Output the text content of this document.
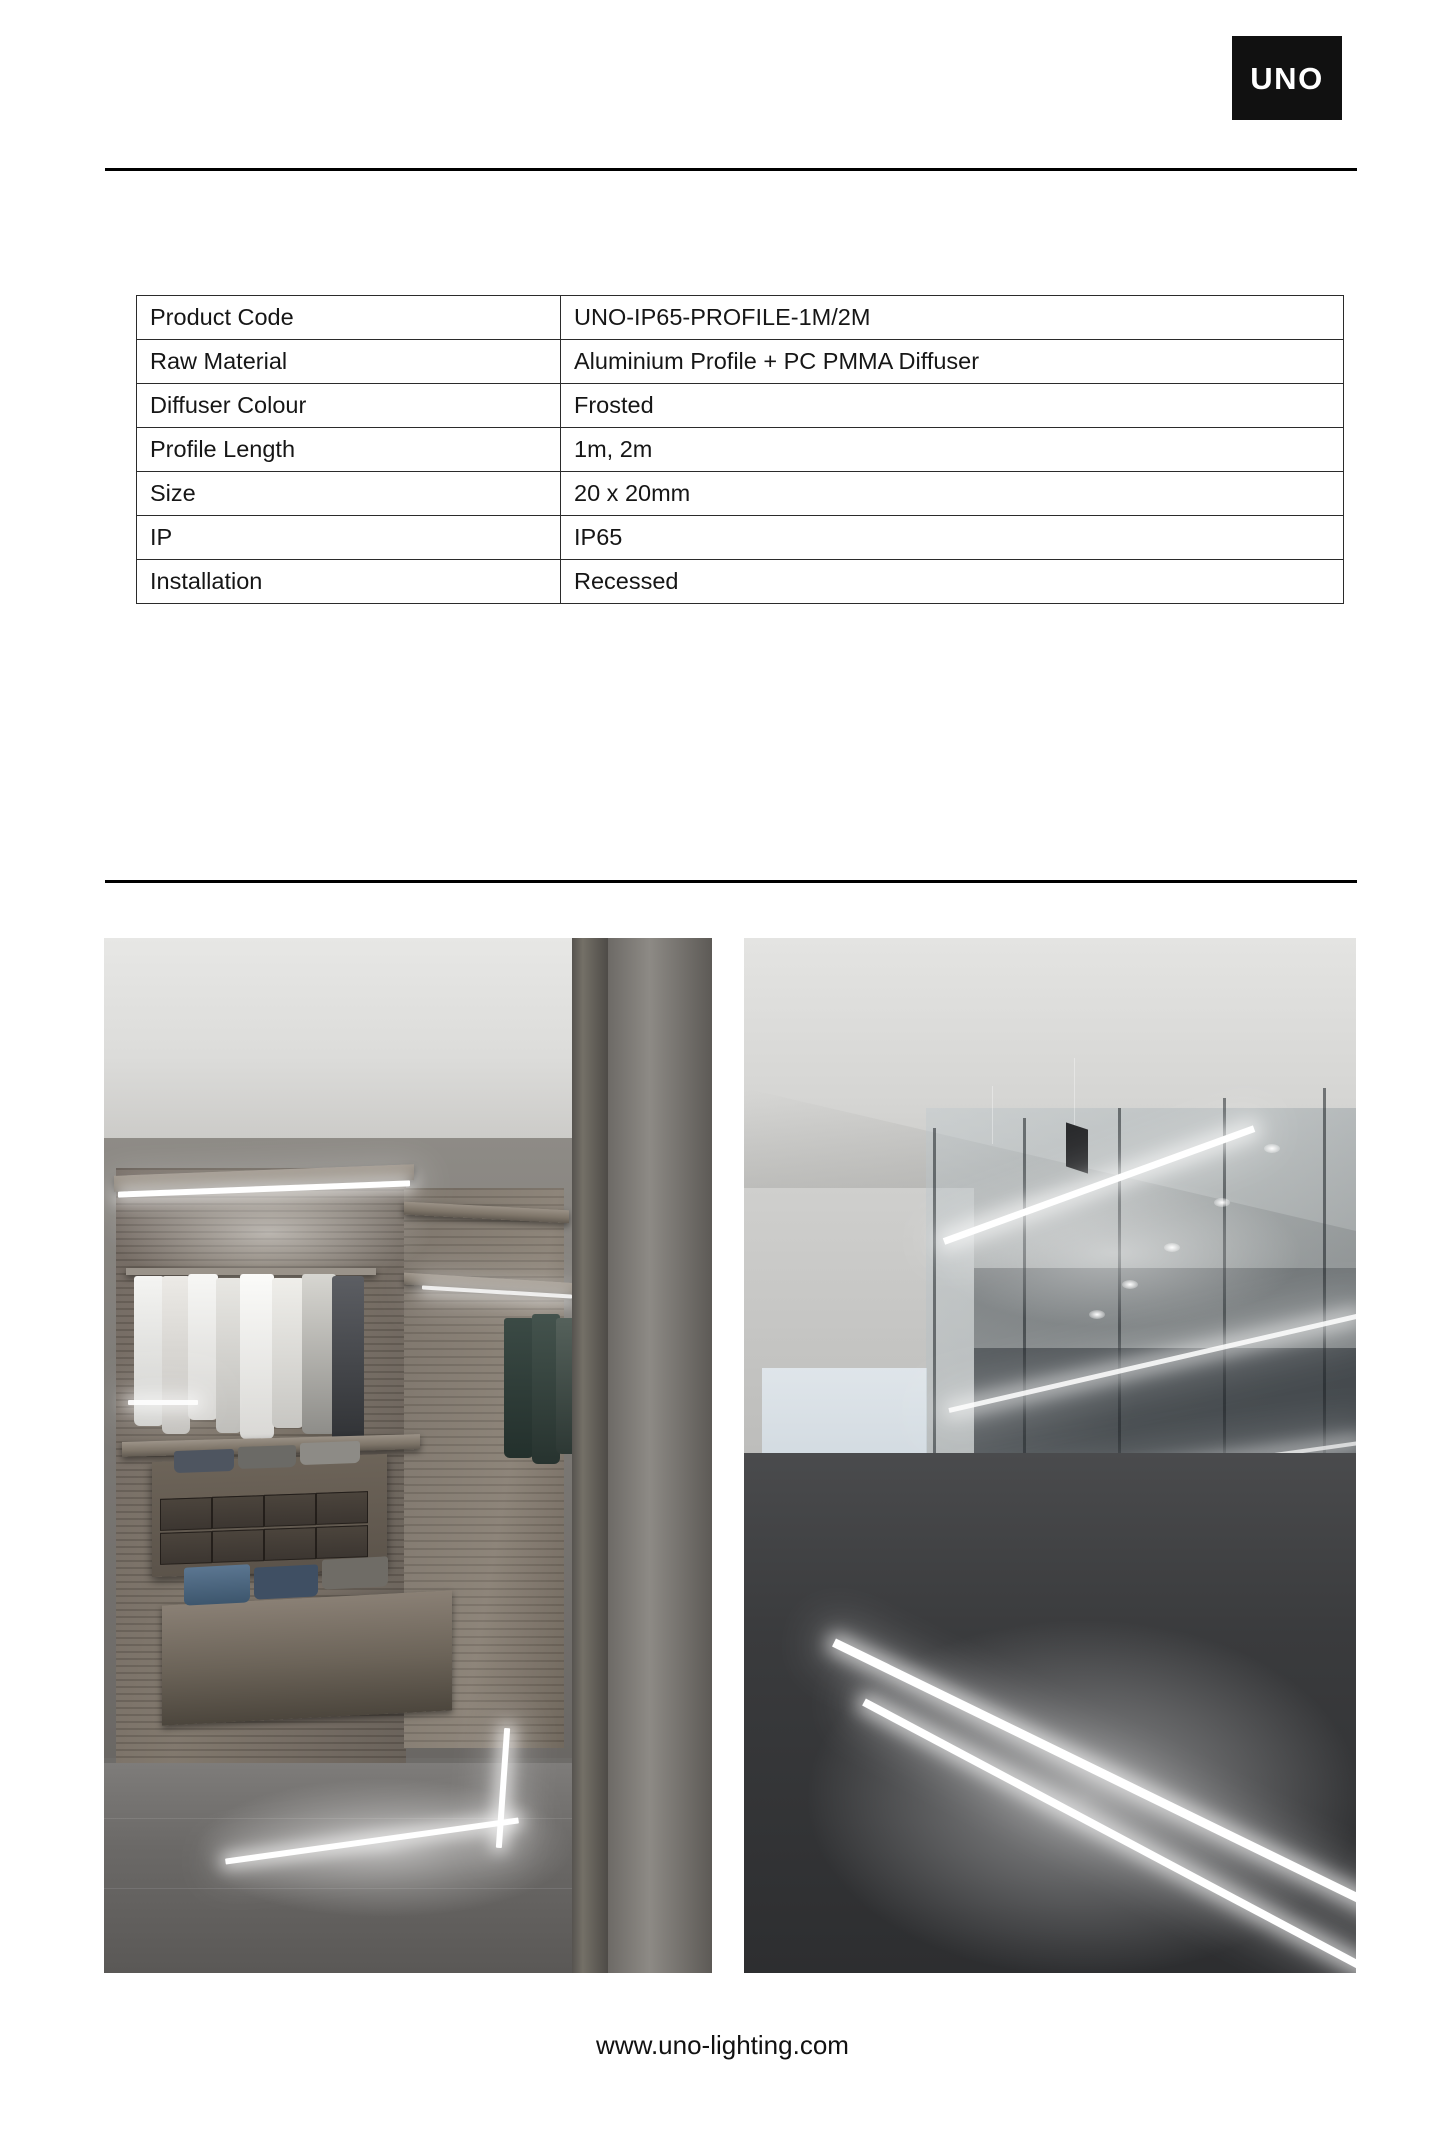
UNO
Product Code	UNO-IP65-PROFILE-1M/2M
Raw Material	Aluminium Profile + PC PMMA Diffuser
Diffuser Colour	Frosted
Profile Length	1m, 2m
Size	20 x 20mm
IP	IP65
Installation	Recessed
www.uno-lighting.com
